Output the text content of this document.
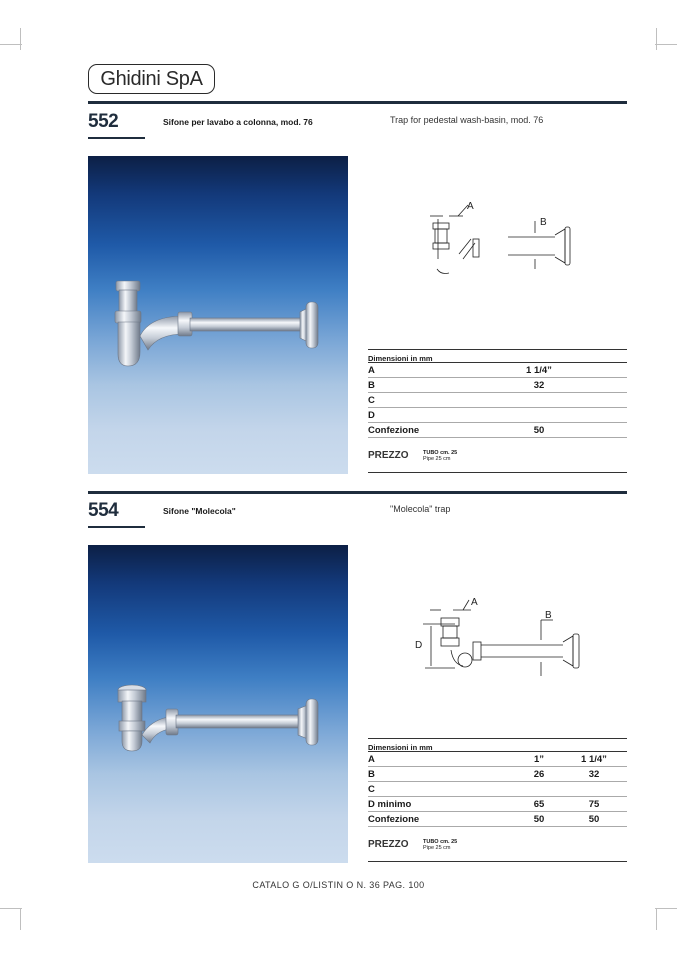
Ghidini SpA
552	Sifone per lavabo a colonna, mod. 76	Trap for pedestal wash-basin, mod. 76
A
B
Dimensioni in mm
A	1 1/4”
B	32
C
D
Confezione	50
PREZZO	TUBO cm. 25
Pipe 25 cm
554	Sifone "Molecola"	"Molecola" trap
A
B
D
Dimensioni in mm
A	1”	1 1/4”
B	26	32
C
D minimo	65	75
Confezione	50	50
PREZZO	TUBO cm. 25
Pipe 25 cm
CATALO G O/LISTIN O N. 36 PAG. 100
